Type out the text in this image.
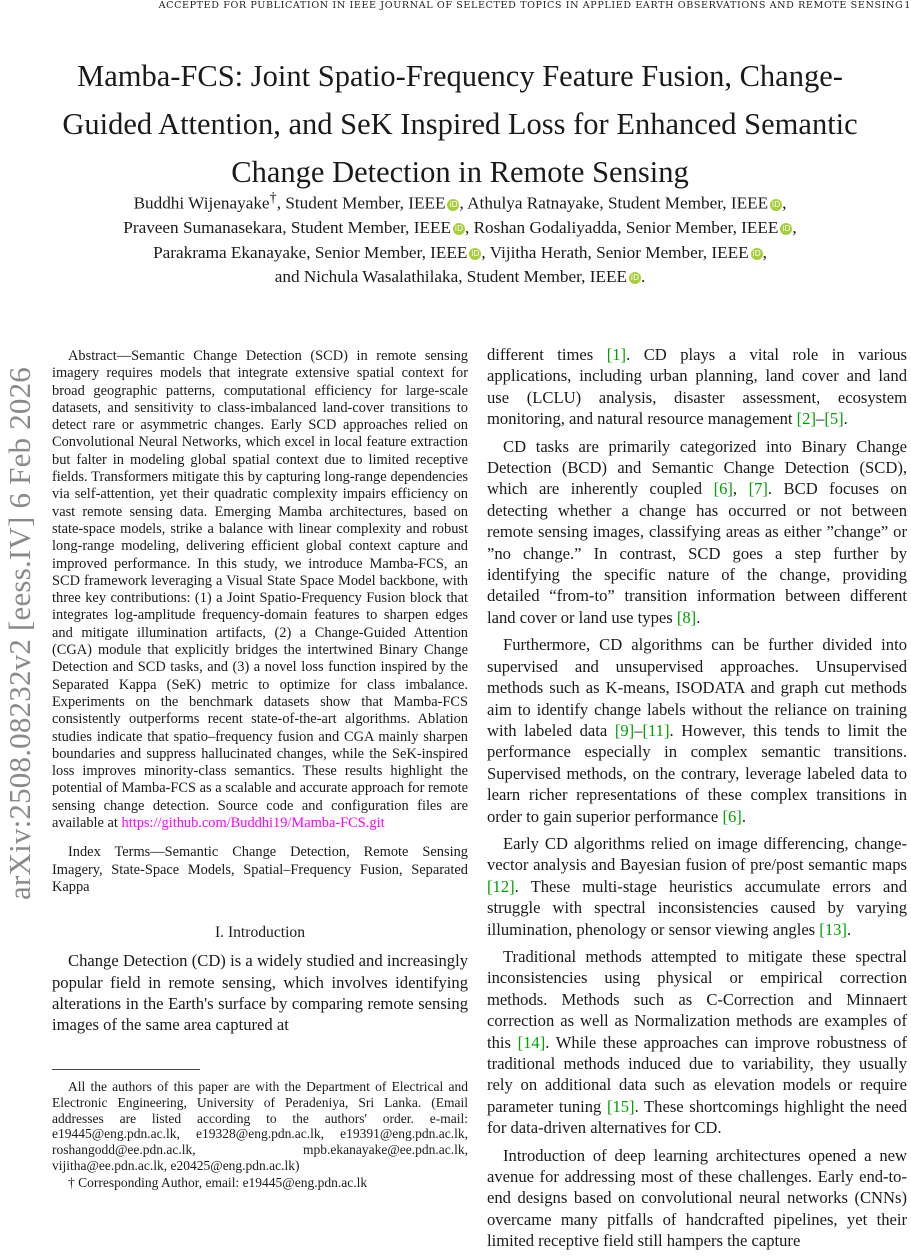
ACCEPTED FOR PUBLICATION IN IEEE JOURNAL OF SELECTED TOPICS IN APPLIED EARTH OBSERVATIONS AND REMOTE SENSING1
arXiv:2508.08232v2 [eess.IV] 6 Feb 2026
Mamba-FCS: Joint Spatio-Frequency Feature Fusion, Change-Guided Attention, and SeK Inspired Loss for Enhanced Semantic Change Detection in Remote Sensing
Buddhi Wijenayake†, Student Member, IEEE iD , Athulya Ratnayake, Student Member, IEEE iD ,
Praveen Sumanasekara, Student Member, IEEE iD , Roshan Godaliyadda, Senior Member, IEEE iD ,
Parakrama Ekanayake, Senior Member, IEEE iD , Vijitha Herath, Senior Member, IEEE iD ,
and Nichula Wasalathilaka, Student Member, IEEE iD .

Abstract—Semantic Change Detection (SCD) in remote sensing imagery requires models that integrate extensive spatial context for broad geographic patterns, computational efficiency for large-scale datasets, and sensitivity to class-imbalanced land-cover transitions to detect rare or asymmetric changes. Early SCD approaches relied on Convolutional Neural Networks, which excel in local feature extraction but falter in modeling global spatial context due to limited receptive fields. Transformers mitigate this by capturing long-range dependencies via self-attention, yet their quadratic complexity impairs efficiency on vast remote sensing data. Emerging Mamba architectures, based on state-space models, strike a balance with linear complexity and robust long-range modeling, delivering efficient global context capture and improved performance. In this study, we introduce Mamba-FCS, an SCD framework leveraging a Visual State Space Model backbone, with three key contributions: (1) a Joint Spatio-Frequency Fusion block that integrates log-amplitude frequency-domain features to sharpen edges and mitigate illumination artifacts, (2) a Change-Guided Attention (CGA) module that explicitly bridges the intertwined Binary Change Detection and SCD tasks, and (3) a novel loss function inspired by the Separated Kappa (SeK) metric to optimize for class imbalance. Experiments on the benchmark datasets show that Mamba-FCS consistently outperforms recent state-of-the-art algorithms. Ablation studies indicate that spatio–frequency fusion and CGA mainly sharpen boundaries and suppress hallucinated changes, while the SeK-inspired loss improves minority-class semantics. These results highlight the potential of Mamba-FCS as a scalable and accurate approach for remote sensing change detection. Source code and configuration files are available at https://github.com/Buddhi19/Mamba-FCS.git

Index Terms—Semantic Change Detection, Remote Sensing Imagery, State-Space Models, Spatial–Frequency Fusion, Separated Kappa

I. Introduction

Change Detection (CD) is a widely studied and increasingly popular field in remote sensing, which involves identifying alterations in the Earth's surface by comparing remote sensing images of the same area captured at

different times [1]. CD plays a vital role in various applications, including urban planning, land cover and land use (LCLU) analysis, disaster assessment, ecosystem monitoring, and natural resource management [2]–[5].

CD tasks are primarily categorized into Binary Change Detection (BCD) and Semantic Change Detection (SCD), which are inherently coupled [6], [7]. BCD focuses on detecting whether a change has occurred or not between remote sensing images, classifying areas as either ”change” or ”no change.” In contrast, SCD goes a step further by identifying the specific nature of the change, providing detailed “from-to” transition information between different land cover or land use types [8].

Furthermore, CD algorithms can be further divided into supervised and unsupervised approaches. Unsupervised methods such as K-means, ISODATA and graph cut methods aim to identify change labels without the reliance on training with labeled data [9]–[11]. However, this tends to limit the performance especially in complex semantic transitions. Supervised methods, on the contrary, leverage labeled data to learn richer representations of these complex transitions in order to gain superior performance [6].

Early CD algorithms relied on image differencing, change-vector analysis and Bayesian fusion of pre/post semantic maps [12]. These multi-stage heuristics accumulate errors and struggle with spectral inconsistencies caused by varying illumination, phenology or sensor viewing angles [13].

Traditional methods attempted to mitigate these spectral inconsistencies using physical or empirical correction methods. Methods such as C-Correction and Minnaert correction as well as Normalization methods are examples of this [14]. While these approaches can improve robustness of traditional methods induced due to variability, they usually rely on additional data such as elevation models or require parameter tuning [15]. These shortcomings highlight the need for data-driven alternatives for CD.

Introduction of deep learning architectures opened a new avenue for addressing most of these challenges. Early end-to-end designs based on convolutional neural networks (CNNs) overcame many pitfalls of handcrafted pipelines, yet their limited receptive field still hampers the capture

All the authors of this paper are with the Department of Electrical and Electronic Engineering, University of Peradeniya, Sri Lanka. (Email addresses are listed according to the authors' order. e-mail: e19445@eng.pdn.ac.lk, e19328@eng.pdn.ac.lk, e19391@eng.pdn.ac.lk, roshangodd@ee.pdn.ac.lk, mpb.ekanayake@ee.pdn.ac.lk, vijitha@ee.pdn.ac.lk, e20425@eng.pdn.ac.lk)

† Corresponding Author, email: e19445@eng.pdn.ac.lk
